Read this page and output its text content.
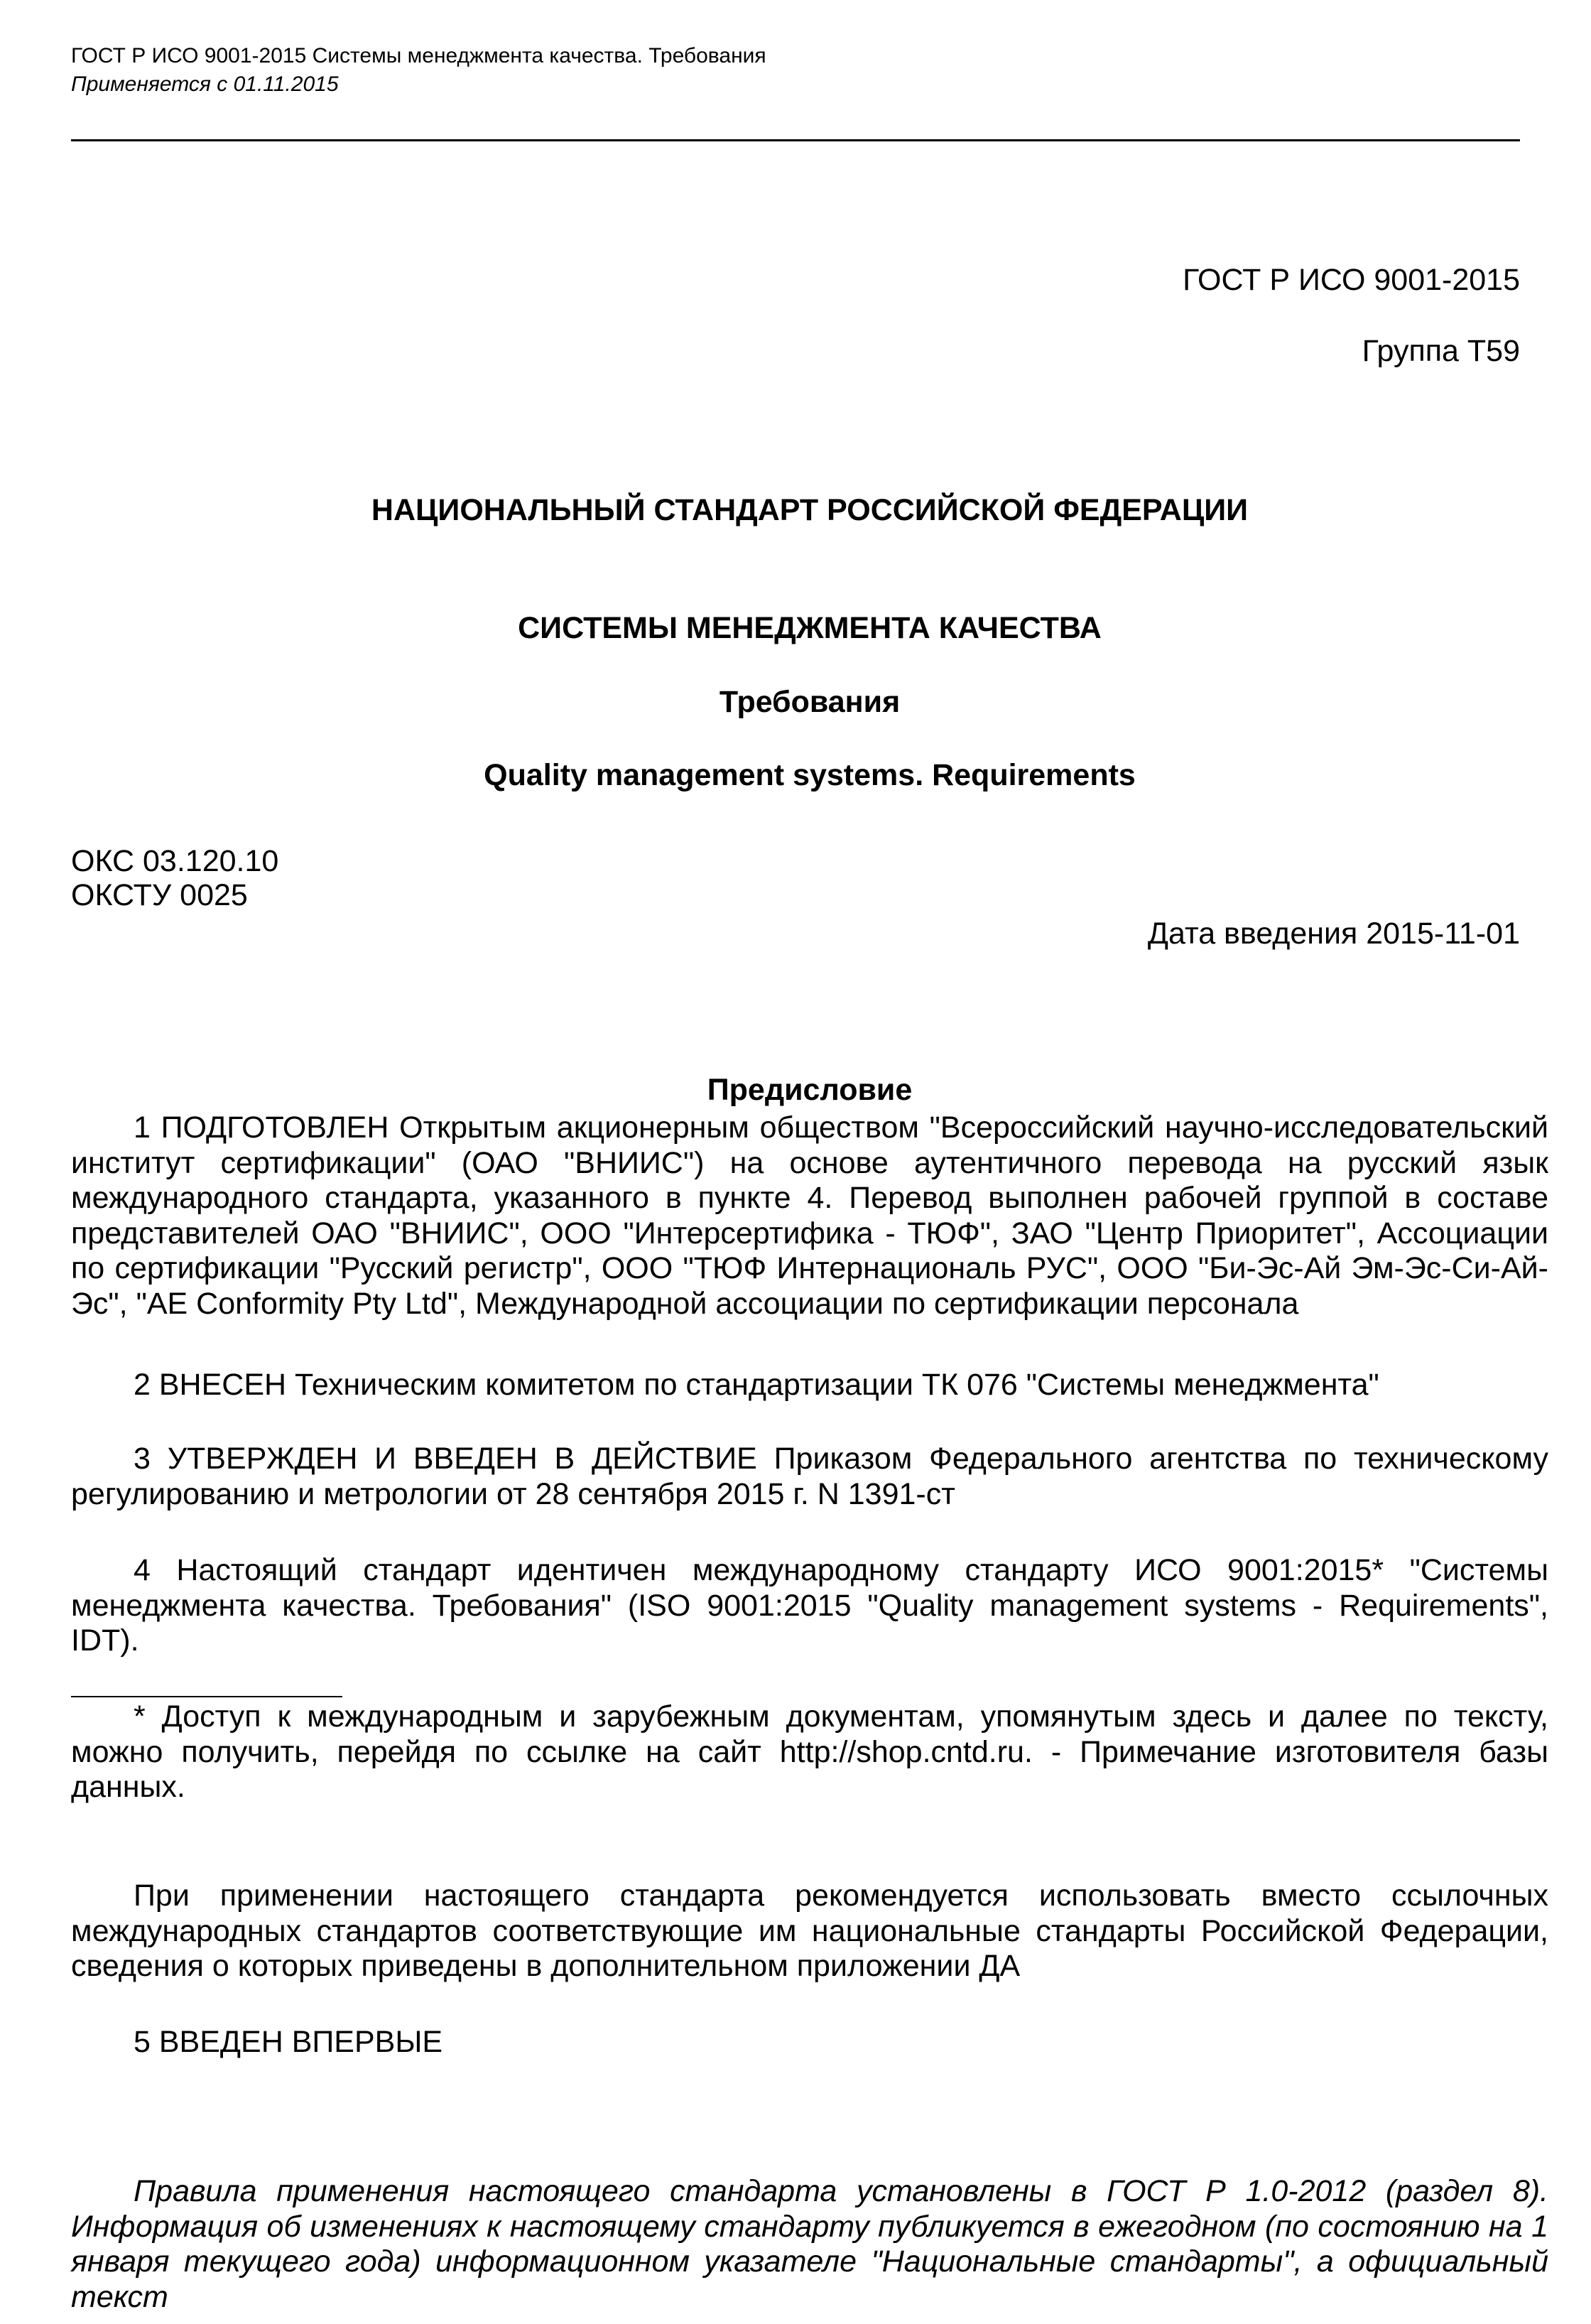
ГОСТ Р ИСО 9001-2015 Системы менеджмента качества. Требования
Применяется с 01.11.2015
ГОСТ Р ИСО 9001-2015
Группа Т59
НАЦИОНАЛЬНЫЙ СТАНДАРТ РОССИЙСКОЙ ФЕДЕРАЦИИ
СИСТЕМЫ МЕНЕДЖМЕНТА КАЧЕСТВА
Требования
Quality management systems. Requirements
ОКС 03.120.10
ОКСТУ 0025
Дата введения 2015-11-01
Предисловие
1 ПОДГОТОВЛЕН Открытым акционерным обществом "Всероссийский научно-исследовательский институт сертификации" (ОАО "ВНИИС") на основе аутентичного перевода на русский язык международного стандарта, указанного в пункте 4. Перевод выполнен рабочей группой в составе представителей ОАО "ВНИИС", ООО "Интерсертифика - ТЮФ", ЗАО "Центр Приоритет", Ассоциации по сертификации "Русский регистр", ООО "ТЮФ Интернациональ РУС", ООО "Би-Эс-Ай Эм-Эс-Си-Ай-Эс", "AE Conformity Pty Ltd", Международной ассоциации по сертификации персонала
2 ВНЕСЕН Техническим комитетом по стандартизации ТК 076 "Системы менеджмента"
3 УТВЕРЖДЕН И ВВЕДЕН В ДЕЙСТВИЕ Приказом Федерального агентства по техническому регулированию и метрологии от 28 сентября 2015 г. N 1391-ст
4 Настоящий стандарт идентичен международному стандарту ИСО 9001:2015* "Системы менеджмента качества. Требования" (ISO 9001:2015 "Quality management systems - Requirements", IDT).
* Доступ к международным и зарубежным документам, упомянутым здесь и далее по тексту, можно получить, перейдя по ссылке на сайт http://shop.cntd.ru. - Примечание изготовителя базы данных.
При применении настоящего стандарта рекомендуется использовать вместо ссылочных международных стандартов соответствующие им национальные стандарты Российской Федерации, сведения о которых приведены в дополнительном приложении ДА
5 ВВЕДЕН ВПЕРВЫЕ
Правила применения настоящего стандарта установлены в ГОСТ Р 1.0-2012 (раздел 8). Информация об изменениях к настоящему стандарту публикуется в ежегодном (по состоянию на 1 января текущего года) информационном указателе "Национальные стандарты", а официальный текст
